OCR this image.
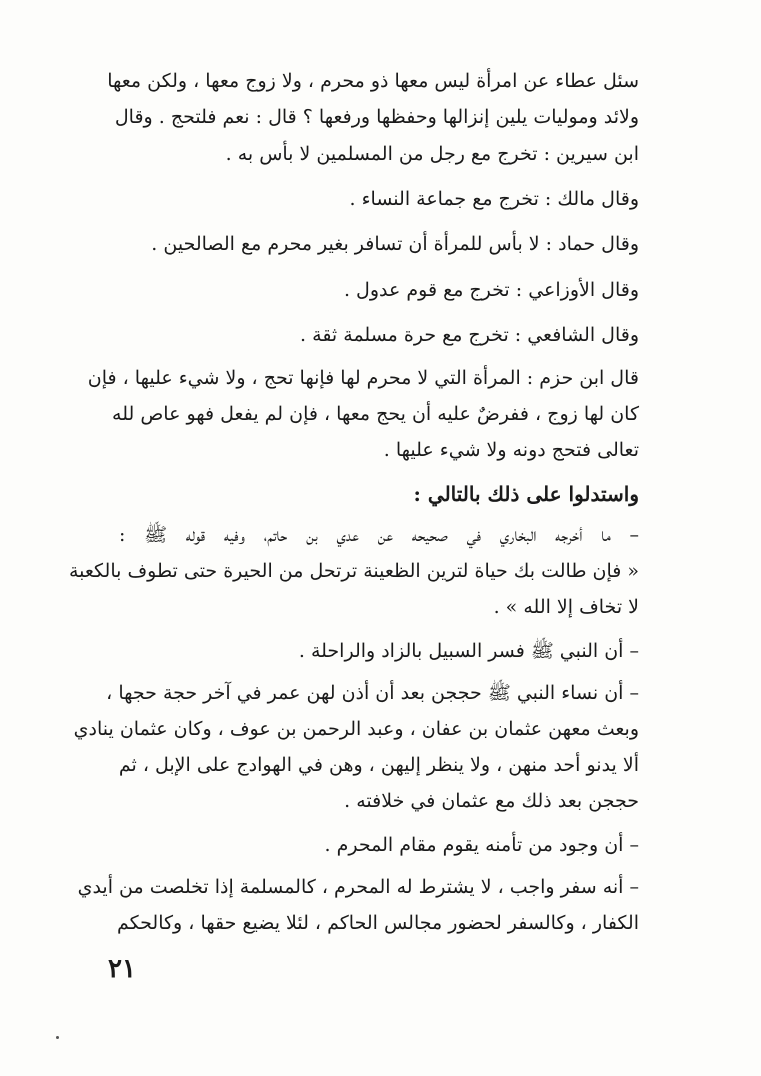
سئل عطاء عن امرأة ليس معها ذو محرم ، ولا زوج معها ، ولكن معها
ولائد ومولیات یلین إنزالها وحفظها ورفعها ؟ قال : نعم فلتحج . وقال
ابن سيرين : تخرج مع رجل من المسلمين لا بأس به .
وقال مالك : تخرج مع جماعة النساء .
وقال حماد : لا بأس للمرأة أن تسافر بغير محرم مع الصالحين .
وقال الأوزاعي : تخرج مع قوم عدول .
وقال الشافعي : تخرج مع حرة مسلمة ثقة .
قال ابن حزم : المرأة التي لا محرم لها فإنها تحج ، ولا شيء عليها ، فإن
كان لها زوج ، ففرضٌ عليه أن يحج معها ، فإن لم يفعل فهو عاص لله
تعالى فتحج دونه ولا شيء عليها .
واستدلوا على ذلك بالتالي :
– ما أخرجه البخاري في صحيحه عن عدي بن حاتم، وفيه قوله ﷺ :
« فإن طالت بك حياة لترين الظعينة ترتحل من الحيرة حتى تطوف بالكعبة
لا تخاف إلا الله » .
– أن النبي ﷺ فسر السبيل بالزاد والراحلة .
– أن نساء النبي ﷺ حججن بعد أن أذن لهن عمر في آخر حجة حجها ،
وبعث معهن عثمان بن عفان ، وعبد الرحمن بن عوف ، وكان عثمان ينادي
ألا يدنو أحد منهن ، ولا ينظر إليهن ، وهن في الهوادج على الإبل ، ثم
حججن بعد ذلك مع عثمان في خلافته .
– أن وجود من تأمنه يقوم مقام المحرم .
– أنه سفر واجب ، لا يشترط له المحرم ، كالمسلمة إذا تخلصت من أيدي
الكفار ، وكالسفر لحضور مجالس الحاكم ، لئلا يضيع حقها ، وكالحكم
٢١
